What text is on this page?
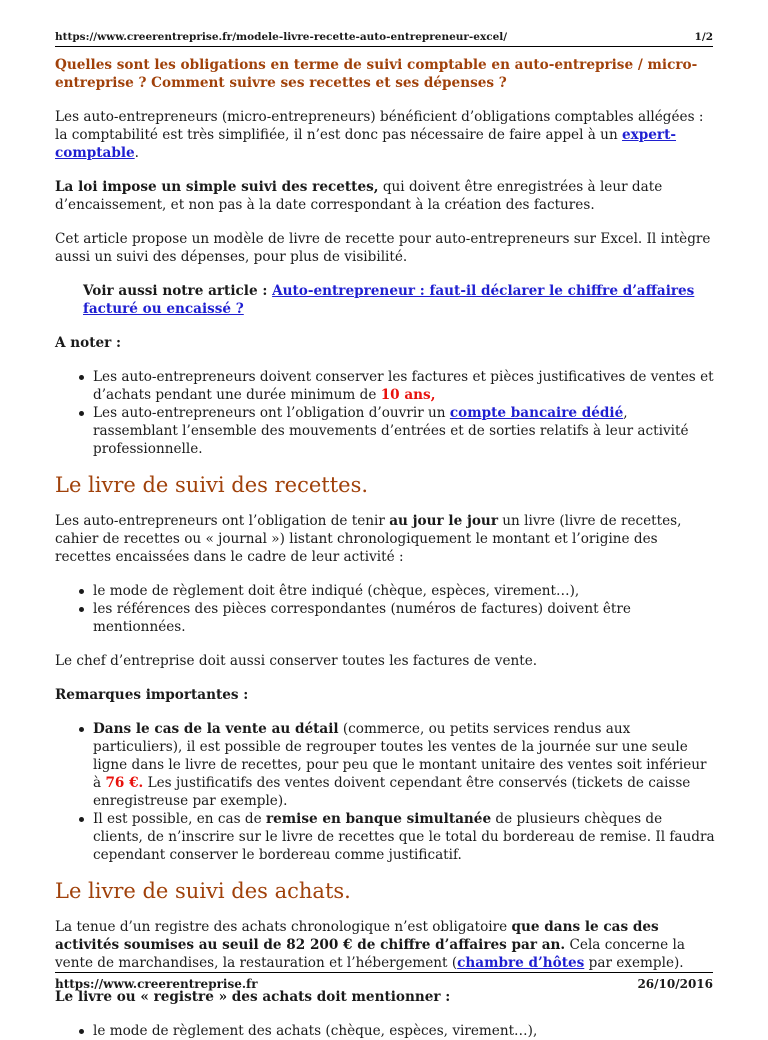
https://www.creerentreprise.fr/modele-livre-recette-auto-entrepreneur-excel/	1/2

Quelles sont les obligations en terme de suivi comptable en auto-entreprise / micro-entreprise ? Comment suivre ses recettes et ses dépenses ?

Les auto-entrepreneurs (micro-entrepreneurs) bénéficient d’obligations comptables allégées : la comptabilité est très simplifiée, il n’est donc pas nécessaire de faire appel à un expert-comptable.

La loi impose un simple suivi des recettes, qui doivent être enregistrées à leur date d’encaissement, et non pas à la date correspondant à la création des factures.

Cet article propose un modèle de livre de recette pour auto-entrepreneurs sur Excel. Il intègre aussi un suivi des dépenses, pour plus de visibilité.

Voir aussi notre article : Auto-entrepreneur : faut-il déclarer le chiffre d’affaires facturé ou encaissé ?

A noter :

Les auto-entrepreneurs doivent conserver les factures et pièces justificatives de ventes et d’achats pendant une durée minimum de 10 ans,
Les auto-entrepreneurs ont l’obligation d’ouvrir un compte bancaire dédié, rassemblant l’ensemble des mouvements d’entrées et de sorties relatifs à leur activité professionnelle.
Le livre de suivi des recettes.

Les auto-entrepreneurs ont l’obligation de tenir au jour le jour un livre (livre de recettes, cahier de recettes ou « journal ») listant chronologiquement le montant et l’origine des recettes encaissées dans le cadre de leur activité :

le mode de règlement doit être indiqué (chèque, espèces, virement…),
les références des pièces correspondantes (numéros de factures) doivent être mentionnées.

Le chef d’entreprise doit aussi conserver toutes les factures de vente.

Remarques importantes :

Dans le cas de la vente au détail (commerce, ou petits services rendus aux particuliers), il est possible de regrouper toutes les ventes de la journée sur une seule ligne dans le livre de recettes, pour peu que le montant unitaire des ventes soit inférieur à 76 €. Les justificatifs des ventes doivent cependant être conservés (tickets de caisse enregistreuse par exemple).
Il est possible, en cas de remise en banque simultanée de plusieurs chèques de clients, de n’inscrire sur le livre de recettes que le total du bordereau de remise. Il faudra cependant conserver le bordereau comme justificatif.
Le livre de suivi des achats.

La tenue d’un registre des achats chronologique n’est obligatoire que dans le cas des activités soumises au seuil de 82 200 € de chiffre d’affaires par an. Cela concerne la vente de marchandises, la restauration et l’hébergement (chambre d’hôtes par exemple).

Le livre ou « registre » des achats doit mentionner :

le mode de règlement des achats (chèque, espèces, virement…),
https://www.creerentreprise.fr	26/10/2016
